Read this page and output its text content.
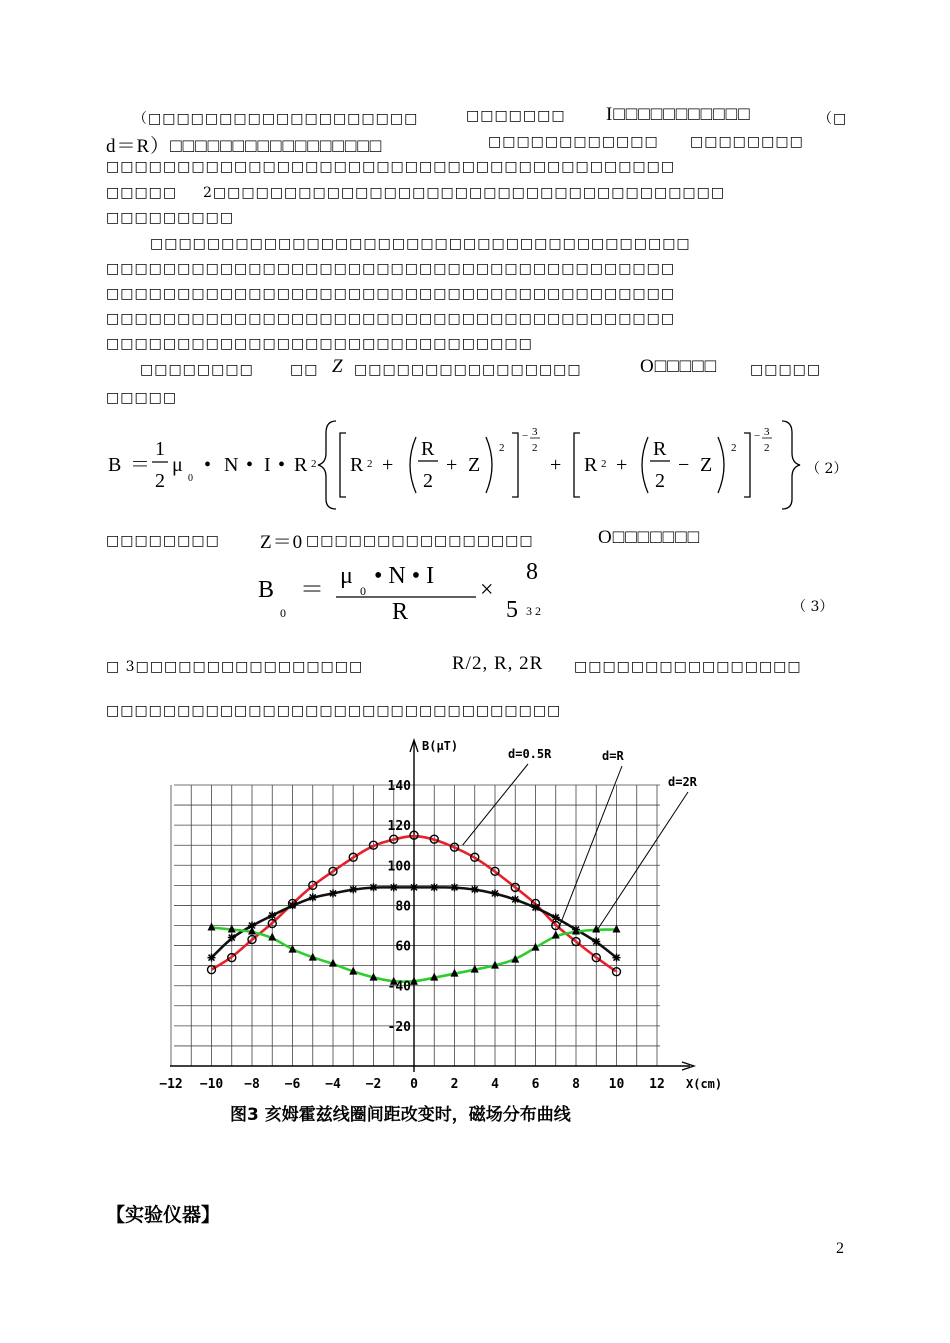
（□□□□□□□□□□□□□□□□□□□	□□□□□□□ I□□□□□□□□□□□	（□
d＝R）□□□□□□□□□□□□□□□□□	□□□□□□□□□□□□ □□□□□□□□
□□□□□□□□□□□□□□□□□□□□□□□□□□□□□□□□□□□□□□□□
□□□□□ 2□□□□□□□□□□□□□□□□□□□□□□□□□□□□□□□□□□□□
□□□□□□□□□
□□□□□□□□□□□□□□□□□□□□□□□□□□□□□□□□□□□□□□
□□□□□□□□□□□□□□□□□□□□□□□□□□□□□□□□□□□□□□□□
□□□□□□□□□□□□□□□□□□□□□□□□□□□□□□□□□□□□□□□□
□□□□□□□□□□□□□□□□□□□□□□□□□□□□□□□□□□□□□□□□
□□□□□□□□□□□□□□□□□□□□□□□□□□□□□□
□□□□□□□□	□□ Z □□□□□□□□□□□□□□□□	O□□□□□ □□□□□
□□□□□
B ＝
1
2
μ
0
• N • I • R 2 R 2 +
R
2
+ Z
2
− 3
2
+ R 2 +
R
2
− Z
2
− 3
2
（ 2）
□□□□□□□□ Z＝0 □□□□□□□□□□□□□□□□	O□□□□□□□
B
0
＝
μ
0
• N • I
R
×
8
5 3 2	（ 3）
□ 3□□□□□□□□□□□□□□□□	R/2, R, 2R □□□□□□□□□□□□□□□□
□□□□□□□□□□□□□□□□□□□□□□□□□□□□□□□□
−12 −10 −8 −6 −4 −2 0	2	4	6	8 10 12
-20
-40
60
80
100
120
140
B(μT)
X(cm)
d=0.5R	d=R
d=2R
图3 亥姆霍兹线圈间距改变时，磁场分布曲线
【实验仪器】
2
